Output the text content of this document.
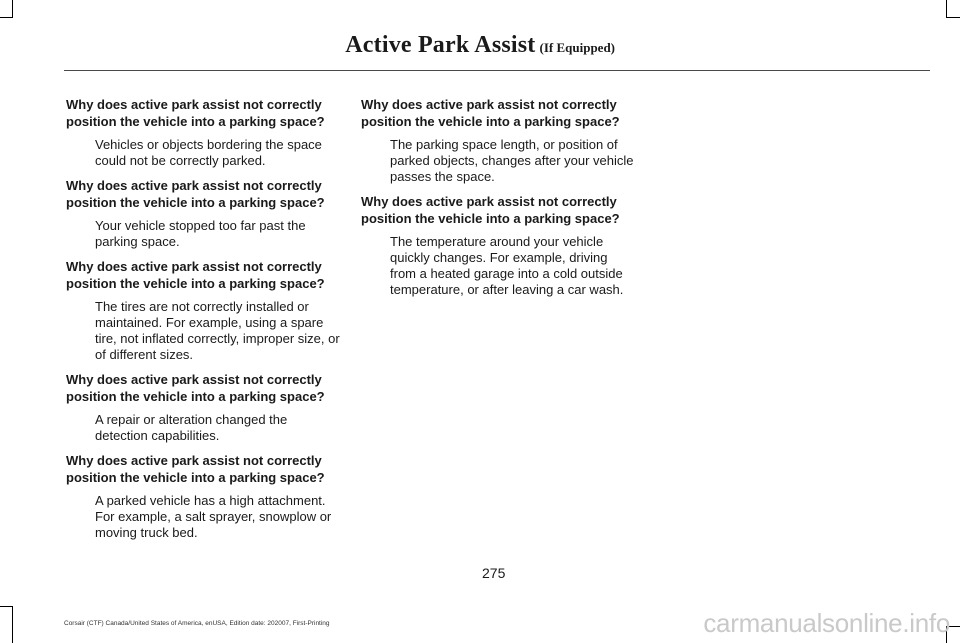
Active Park Assist (If Equipped)

Why does active park assist not correctly position the vehicle into a parking space?

Vehicles or objects bordering the space could not be correctly parked.

Why does active park assist not correctly position the vehicle into a parking space?

Your vehicle stopped too far past the parking space.

Why does active park assist not correctly position the vehicle into a parking space?

The tires are not correctly installed or maintained. For example, using a spare tire, not inflated correctly, improper size, or of different sizes.

Why does active park assist not correctly position the vehicle into a parking space?

A repair or alteration changed the detection capabilities.

Why does active park assist not correctly position the vehicle into a parking space?

A parked vehicle has a high attachment. For example, a salt sprayer, snowplow or moving truck bed.

Why does active park assist not correctly position the vehicle into a parking space?

The parking space length, or position of parked objects, changes after your vehicle passes the space.

Why does active park assist not correctly position the vehicle into a parking space?

The temperature around your vehicle quickly changes. For example, driving from a heated garage into a cold outside temperature, or after leaving a car wash.

275
Corsair (CTF) Canada/United States of America, enUSA, Edition date: 202007, First-Printing	carmanualsonline.info
